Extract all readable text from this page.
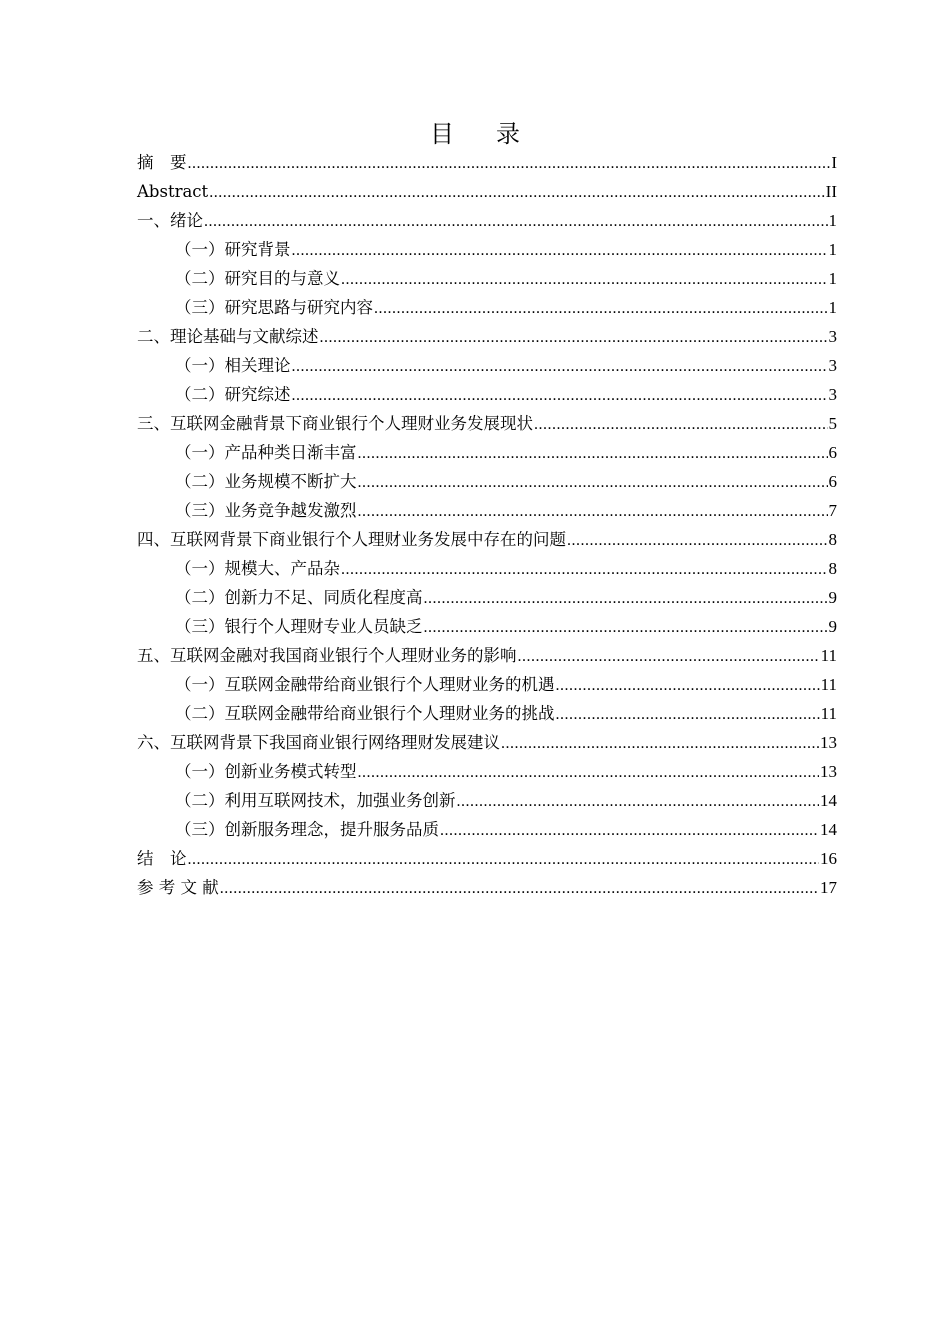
目 录
摘　要 .....	I
Abstract .....	II
一、绪论 .....	1
（一）研究背景 .....	1
（二）研究目的与意义 .....	1
（三）研究思路与研究内容 .....	1
二、理论基础与文献综述 .....	3
（一）相关理论 .....	3
（二）研究综述 .....	3
三、互联网金融背景下商业银行个人理财业务发展现状 .....	5
（一）产品种类日渐丰富 .....	6
（二）业务规模不断扩大 .....	6
（三）业务竞争越发激烈 .....	7
四、互联网背景下商业银行个人理财业务发展中存在的问题 .....	8
（一）规模大、产品杂 .....	8
（二）创新力不足、同质化程度高 .....	9
（三）银行个人理财专业人员缺乏 .....	9
五、互联网金融对我国商业银行个人理财业务的影响 .....	11
（一）互联网金融带给商业银行个人理财业务的机遇 .....	11
（二）互联网金融带给商业银行个人理财业务的挑战 .....	11
六、互联网背景下我国商业银行网络理财发展建议 .....	13
（一）创新业务模式转型 .....	13
（二）利用互联网技术，加强业务创新 .....	14
（三）创新服务理念，提升服务品质 .....	14
结　论 .....	16
参 考 文 献 .....	17
